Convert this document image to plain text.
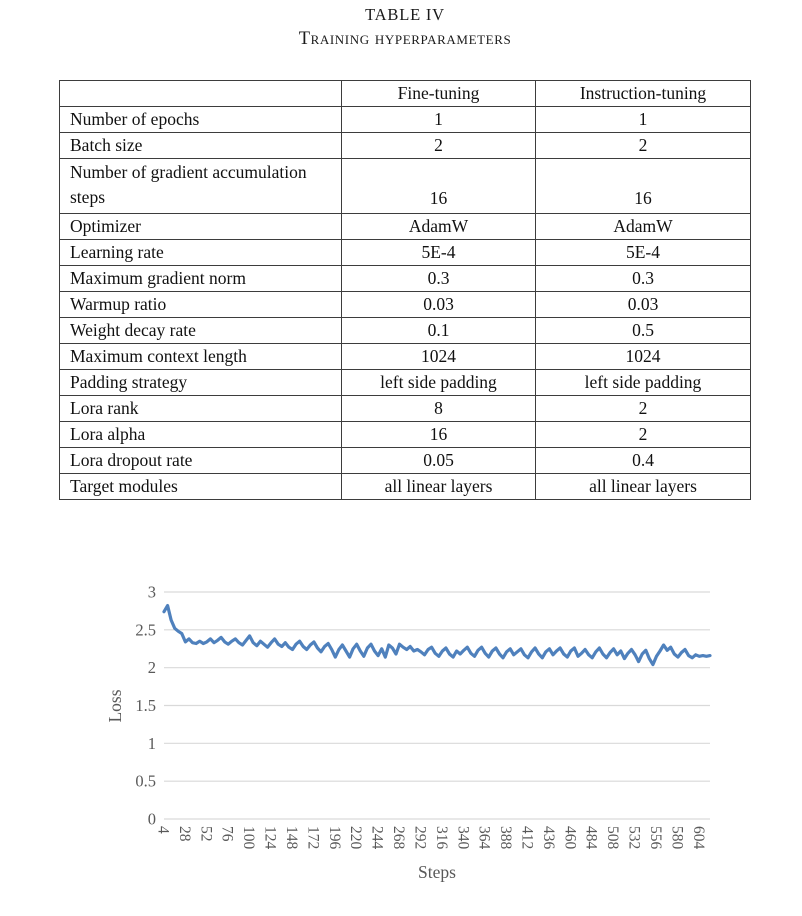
TABLE IV
Training hyperparameters
	Fine-tuning	Instruction-tuning
Number of epochs	1	1
Batch size	2	2
Number of gradient accumulation steps	16	16
Optimizer	AdamW	AdamW
Learning rate	5E-4	5E-4
Maximum gradient norm	0.3	0.3
Warmup ratio	0.03	0.03
Weight decay rate	0.1	0.5
Maximum context length	1024	1024
Padding strategy	left side padding	left side padding
Lora rank	8	2
Lora alpha	16	2
Lora dropout rate	0.05	0.4
Target modules	all linear layers	all linear layers
0
0.5
1
1.5
2
2.5
3
Loss
4 28 52 76 100 124 148 172 196 220 244 268 292 316 340 364 388 412 436 460 484 508 532 556 580 604
Steps
